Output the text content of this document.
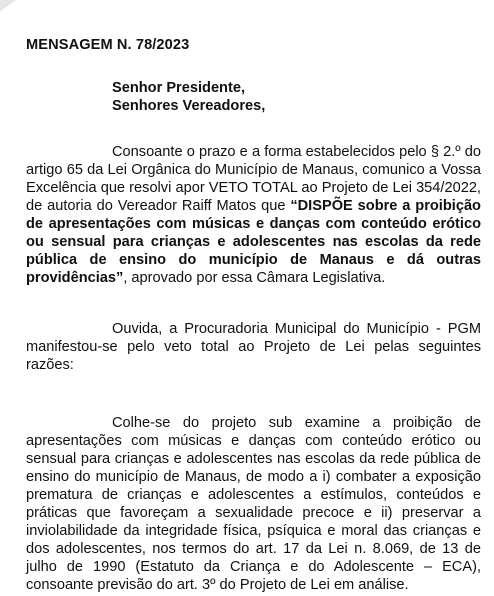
MENSAGEM N. 78/2023
Senhor Presidente,
Senhores Vereadores,

Consoante o prazo e a forma estabelecidos pelo § 2.º do artigo 65 da Lei Orgânica do Município de Manaus, comunico a Vossa Excelência que resolvi apor VETO TOTAL ao Projeto de Lei 354/2022, de autoria do Vereador Raiff Matos que “DISPÕE sobre a proibição de apresentações com músicas e danças com conteúdo erótico ou sensual para crianças e adolescentes nas escolas da rede pública de ensino do município de Manaus e dá outras providências”, aprovado por essa Câmara Legislativa.

Ouvida, a Procuradoria Municipal do Município - PGM manifestou-se pelo veto total ao Projeto de Lei pelas seguintes razões:

Colhe-se do projeto sub examine a proibição de apresentações com músicas e danças com conteúdo erótico ou sensual para crianças e adolescentes nas escolas da rede pública de ensino do município de Manaus, de modo a i) combater a exposição prematura de crianças e adolescentes a estímulos, conteúdos e práticas que favoreçam a sexualidade precoce e ii) preservar a inviolabilidade da integridade física, psíquica e moral das crianças e dos adolescentes, nos termos do art. 17 da Lei n. 8.069, de 13 de julho de 1990 (Estatuto da Criança e do Adolescente – ECA), consoante previsão do art. 3º do Projeto de Lei em análise.
